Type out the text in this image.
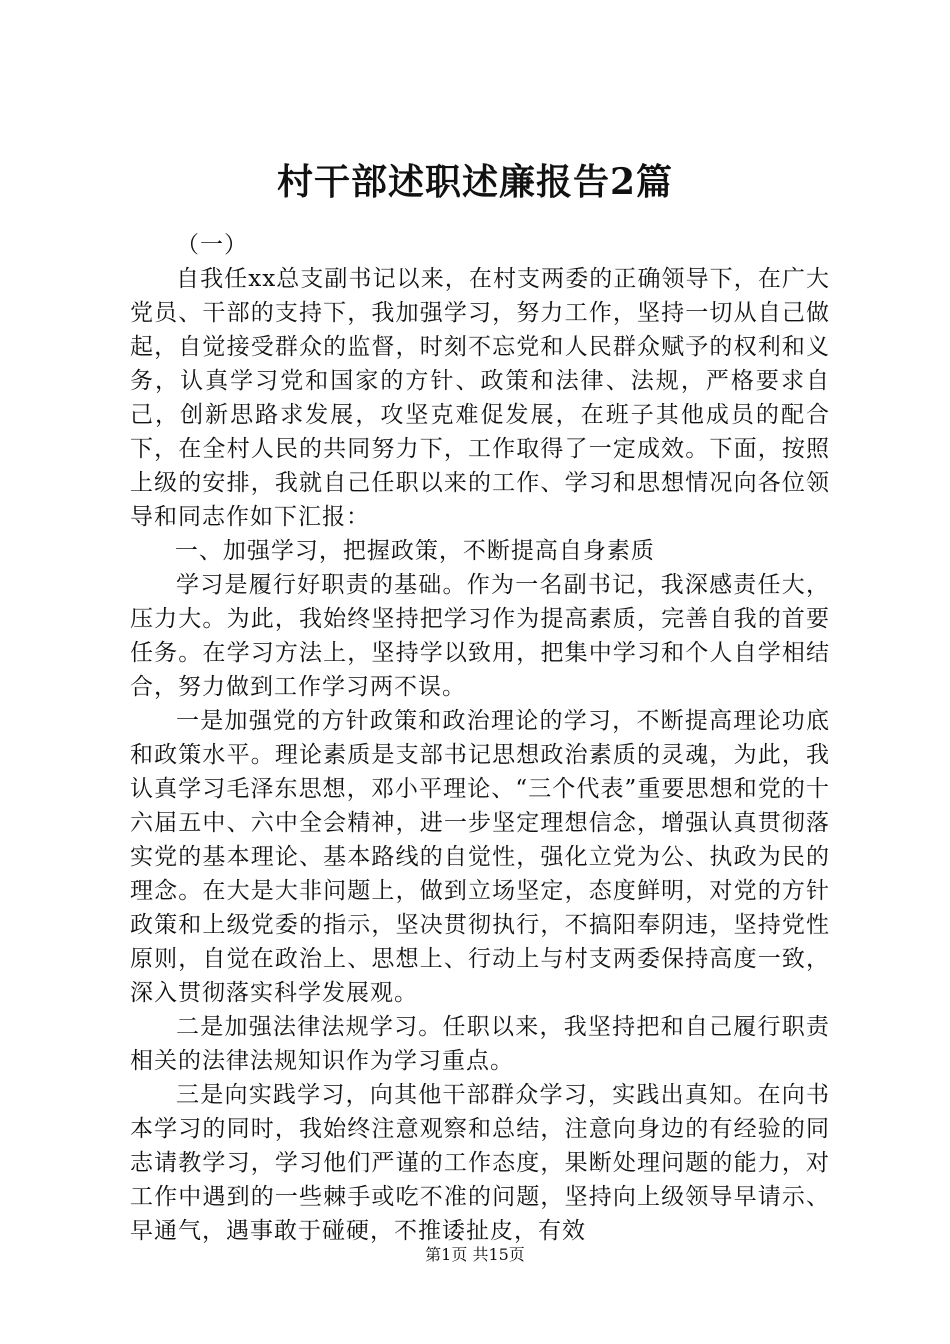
村干部述职述廉报告2篇

（一）

自我任xx总支副书记以来，在村支两委的正确领导下，在广大党员、干部的支持下，我加强学习，努力工作，坚持一切从自己做起，自觉接受群众的监督，时刻不忘党和人民群众赋予的权利和义务，认真学习党和国家的方针、政策和法律、法规，严格要求自己，创新思路求发展，攻坚克难促发展，在班子其他成员的配合下，在全村人民的共同努力下，工作取得了一定成效。下面，按照上级的安排，我就自己任职以来的工作、学习和思想情况向各位领导和同志作如下汇报：

一、加强学习，把握政策，不断提高自身素质

学习是履行好职责的基础。作为一名副书记，我深感责任大，压力大。为此，我始终坚持把学习作为提高素质，完善自我的首要任务。在学习方法上，坚持学以致用，把集中学习和个人自学相结合，努力做到工作学习两不误。

一是加强党的方针政策和政治理论的学习，不断提高理论功底和政策水平。理论素质是支部书记思想政治素质的灵魂，为此，我认真学习毛泽东思想，邓小平理论、“三个代表”重要思想和党的十六届五中、六中全会精神，进一步坚定理想信念，增强认真贯彻落实党的基本理论、基本路线的自觉性，强化立党为公、执政为民的理念。在大是大非问题上，做到立场坚定，态度鲜明，对党的方针政策和上级党委的指示，坚决贯彻执行，不搞阳奉阴违，坚持党性原则，自觉在政治上、思想上、行动上与村支两委保持高度一致，深入贯彻落实科学发展观。

二是加强法律法规学习。任职以来，我坚持把和自己履行职责相关的法律法规知识作为学习重点。

三是向实践学习，向其他干部群众学习，实践出真知。在向书本学习的同时，我始终注意观察和总结，注意向身边的有经验的同志请教学习，学习他们严谨的工作态度，果断处理问题的能力，对工作中遇到的一些棘手或吃不准的问题，坚持向上级领导早请示、早通气，遇事敢于碰硬，不推诿扯皮，有效

第1页 共15页
